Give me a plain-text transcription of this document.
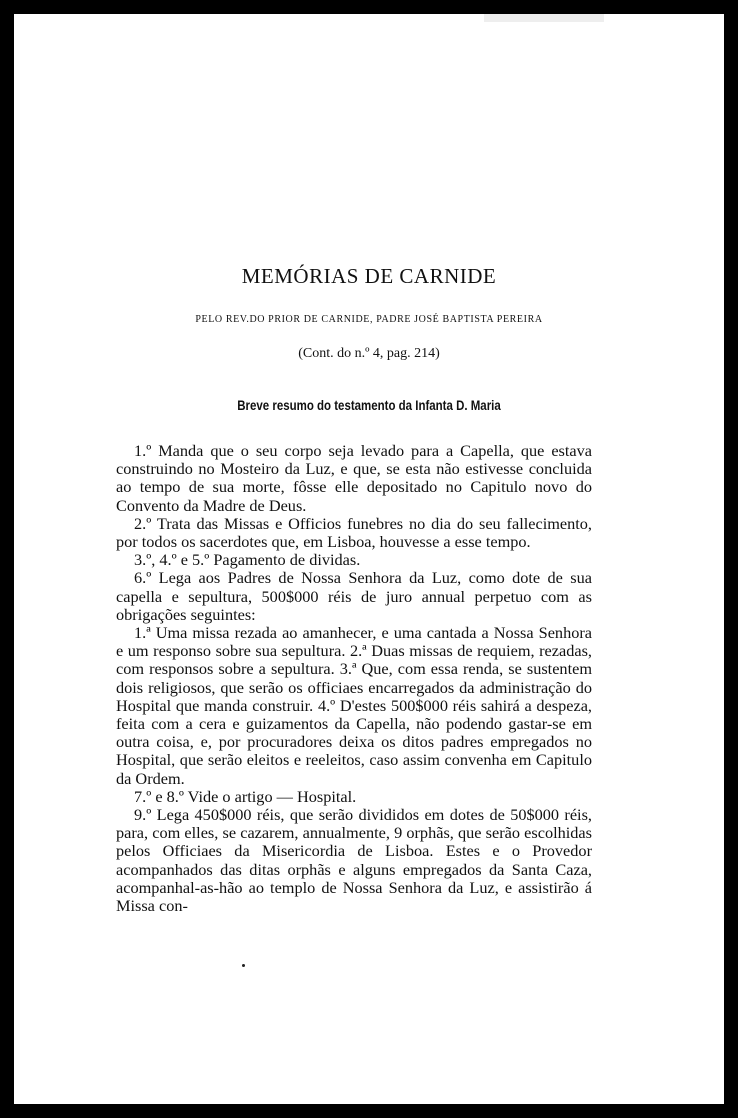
MEMÓRIAS DE CARNIDE
PELO REV.DO PRIOR DE CARNIDE, PADRE JOSÉ BAPTISTA PEREIRA
(Cont. do n.º 4, pag. 214)
Breve resumo do testamento da Infanta D. Maria

1.º Manda que o seu corpo seja levado para a Capella, que estava construindo no Mosteiro da Luz, e que, se esta não estivesse concluida ao tempo de sua morte, fôsse elle depositado no Capitulo novo do Convento da Madre de Deus.

2.º Trata das Missas e Officios funebres no dia do seu fallecimento, por todos os sacerdotes que, em Lisboa, houvesse a esse tempo.

3.º, 4.º e 5.º Pagamento de dividas.

6.º Lega aos Padres de Nossa Senhora da Luz, como dote de sua capella e sepultura, 500$000 réis de juro annual perpetuo com as obrigações seguintes:

1.ª Uma missa rezada ao amanhecer, e uma cantada a Nossa Senhora e um responso sobre sua sepultura. 2.ª Duas missas de requiem, rezadas, com responsos sobre a sepultura. 3.ª Que, com essa renda, se sustentem dois religiosos, que serão os officiaes encarregados da administração do Hospital que manda construir. 4.º D'estes 500$000 réis sahirá a despeza, feita com a cera e guizamentos da Capella, não podendo gastar-se em outra coisa, e, por procuradores deixa os ditos padres empregados no Hospital, que serão eleitos e reeleitos, caso assim convenha em Capitulo da Ordem.

7.º e 8.º Vide o artigo — Hospital.

9.º Lega 450$000 réis, que serão divididos em dotes de 50$000 réis, para, com elles, se cazarem, annualmente, 9 orphãs, que serão escolhidas pelos Officiaes da Misericordia de Lisboa. Estes e o Provedor acompanhados das ditas orphãs e alguns empregados da Santa Caza, acompanhal-as-hão ao templo de Nossa Senhora da Luz, e assistirão á Missa con-
